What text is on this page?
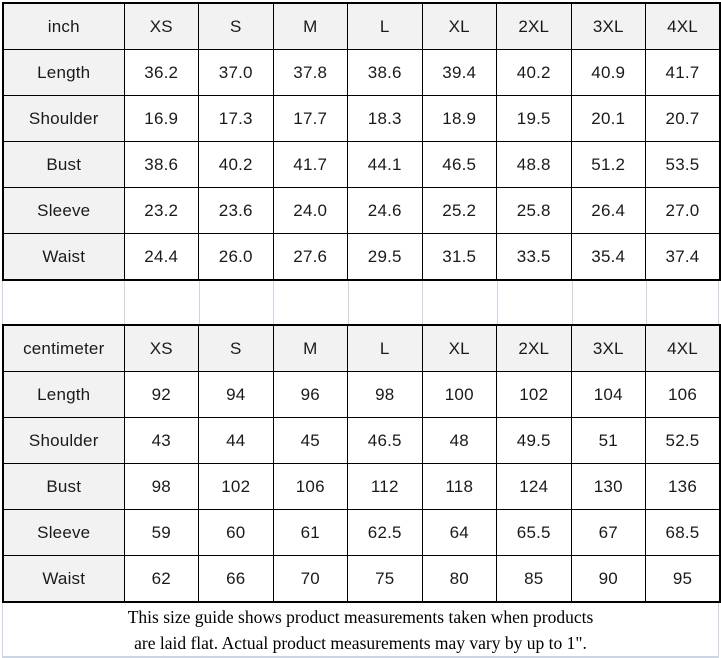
inch	XS	S	M	L	XL	2XL	3XL	4XL
Length	36.2	37.0	37.8	38.6	39.4	40.2	40.9	41.7
Shoulder	16.9	17.3	17.7	18.3	18.9	19.5	20.1	20.7
Bust	38.6	40.2	41.7	44.1	46.5	48.8	51.2	53.5
Sleeve	23.2	23.6	24.0	24.6	25.2	25.8	26.4	27.0
Waist	24.4	26.0	27.6	29.5	31.5	33.5	35.4	37.4
centimeter	XS	S	M	L	XL	2XL	3XL	4XL
Length	92	94	96	98	100	102	104	106
Shoulder	43	44	45	46.5	48	49.5	51	52.5
Bust	98	102	106	112	118	124	130	136
Sleeve	59	60	61	62.5	64	65.5	67	68.5
Waist	62	66	70	75	80	85	90	95
This size guide shows product measurements taken when products
are laid flat. Actual product measurements may vary by up to 1".
